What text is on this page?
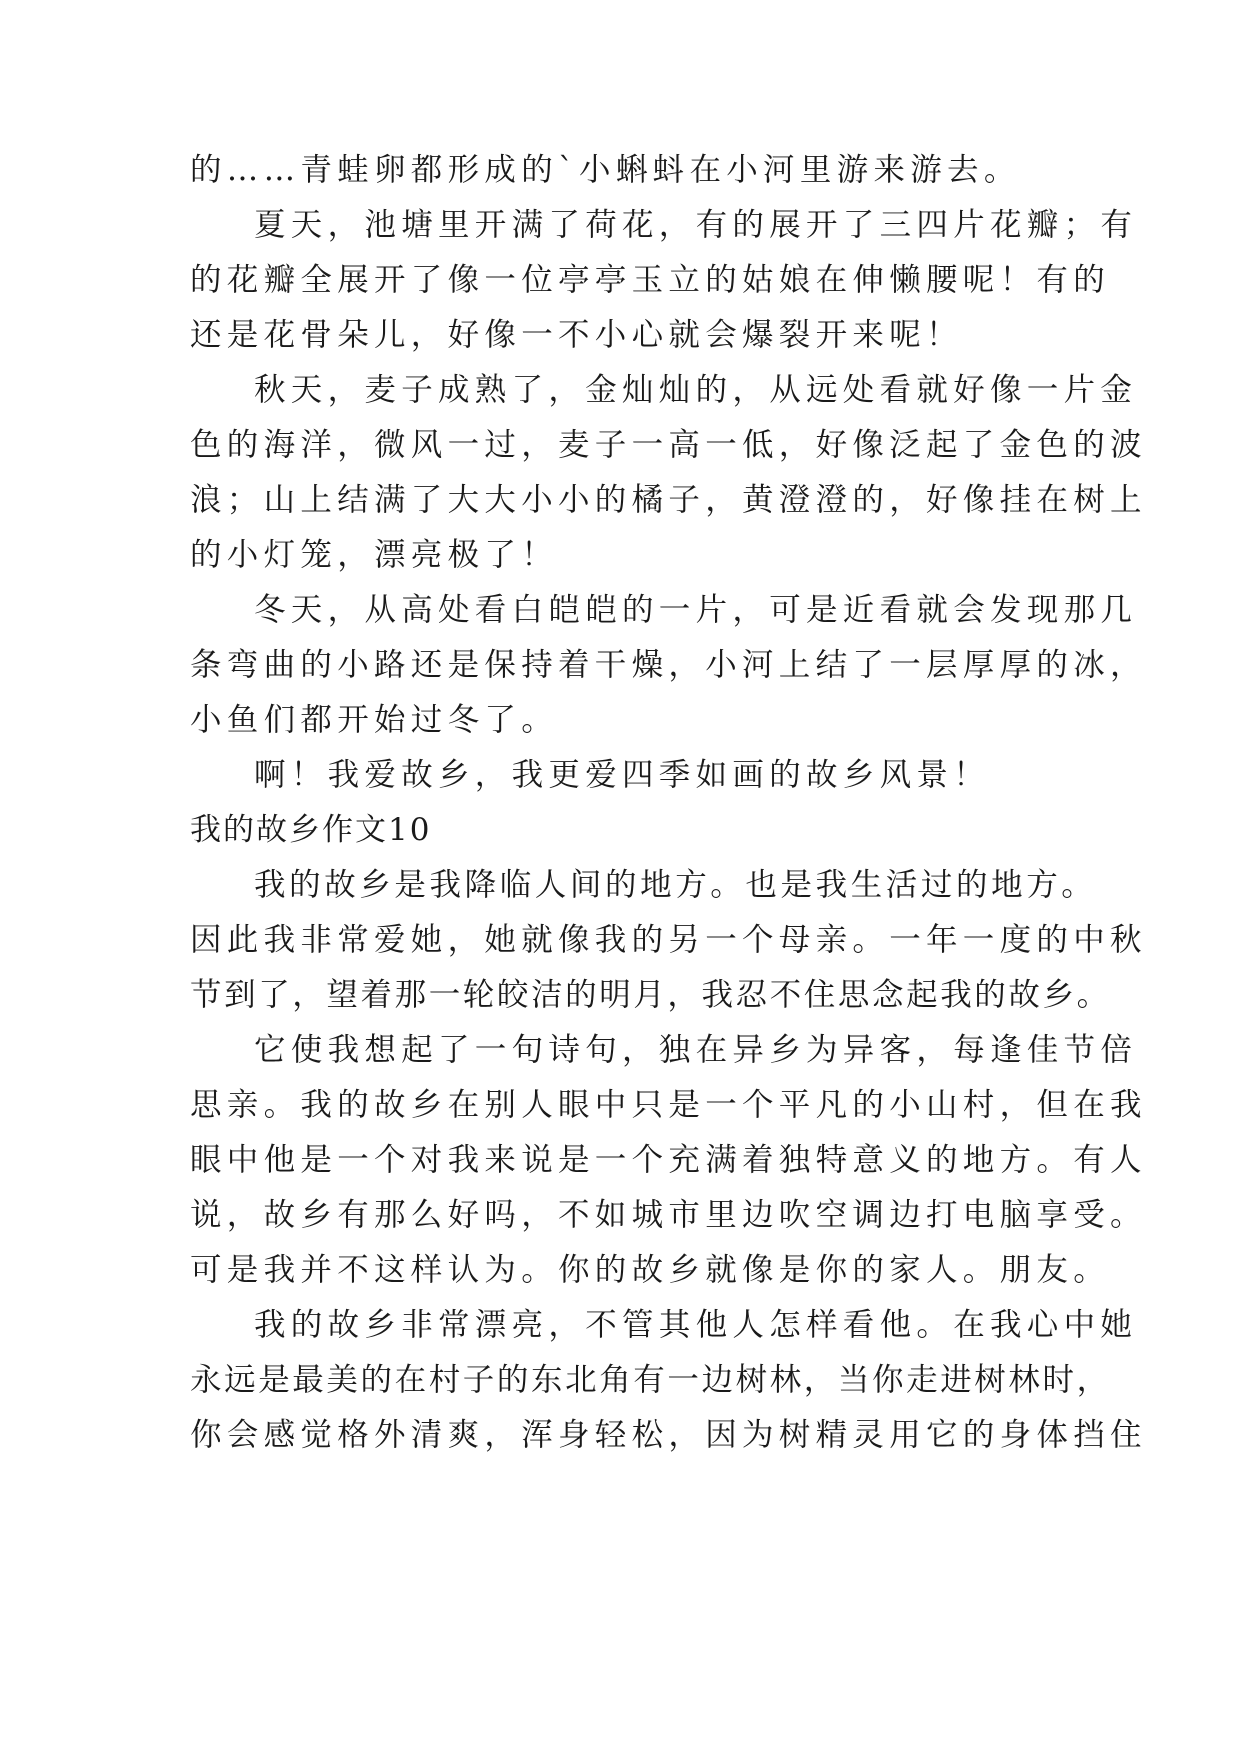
的……青蛙卵都形成的`小蝌蚪在小河里游来游去。
夏天，池塘里开满了荷花，有的展开了三四片花瓣；有
的花瓣全展开了像一位亭亭玉立的姑娘在伸懒腰呢！有的
还是花骨朵儿，好像一不小心就会爆裂开来呢！
秋天，麦子成熟了，金灿灿的，从远处看就好像一片金
色的海洋，微风一过，麦子一高一低，好像泛起了金色的波
浪；山上结满了大大小小的橘子，黄澄澄的，好像挂在树上
的小灯笼，漂亮极了！
冬天，从高处看白皑皑的一片，可是近看就会发现那几
条弯曲的小路还是保持着干燥，小河上结了一层厚厚的冰，
小鱼们都开始过冬了。
啊！我爱故乡，我更爱四季如画的故乡风景！
我的故乡作文10
我的故乡是我降临人间的地方。也是我生活过的地方。
因此我非常爱她，她就像我的另一个母亲。一年一度的中秋
节到了，望着那一轮皎洁的明月，我忍不住思念起我的故乡。
它使我想起了一句诗句，独在异乡为异客，每逢佳节倍
思亲。我的故乡在别人眼中只是一个平凡的小山村，但在我
眼中他是一个对我来说是一个充满着独特意义的地方。有人
说，故乡有那么好吗，不如城市里边吹空调边打电脑享受。
可是我并不这样认为。你的故乡就像是你的家人。朋友。
我的故乡非常漂亮，不管其他人怎样看他。在我心中她
永远是最美的在村子的东北角有一边树林，当你走进树林时，
你会感觉格外清爽，浑身轻松，因为树精灵用它的身体挡住
